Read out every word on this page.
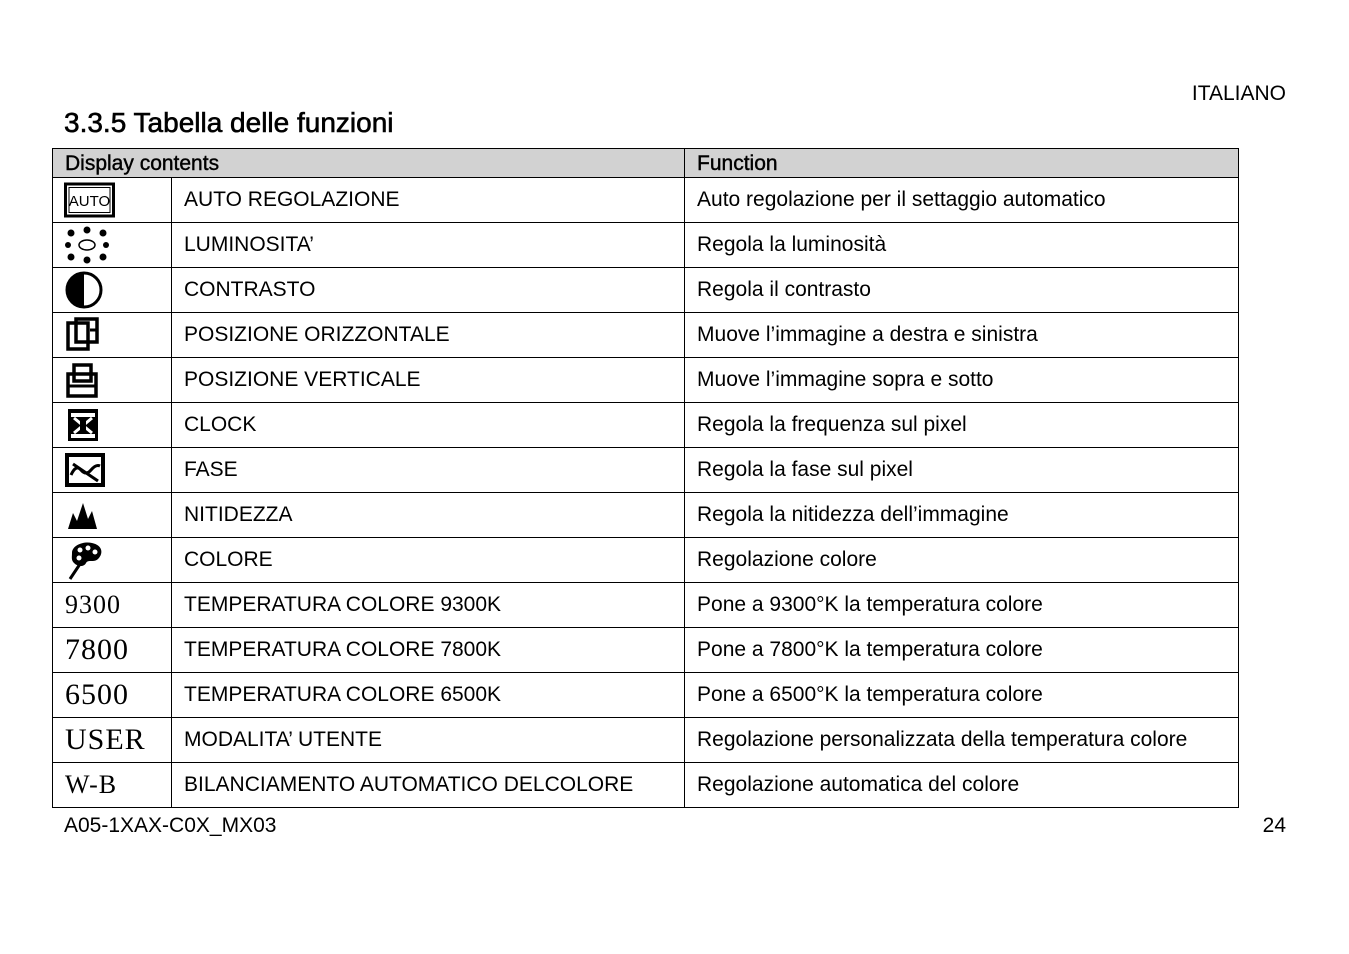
ITALIANO
3.3.5 Tabella delle funzioni
Display contents		Function

AUTO	AUTO REGOLAZIONE	Auto regolazione per il settaggio automatico

	LUMINOSITA’	Regola la luminosità

	CONTRASTO	Regola il contrasto

	POSIZIONE ORIZZONTALE	Muove l’immagine a destra e sinistra

	POSIZIONE VERTICALE	Muove l’immagine sopra e sotto

	CLOCK	Regola la frequenza sul pixel

	FASE	Regola la fase sul pixel

	NITIDEZZA	Regola la nitidezza dell’immagine

	COLORE	Regolazione colore
9300	TEMPERATURA COLORE 9300K	Pone a 9300°K la temperatura colore
7800	TEMPERATURA COLORE 7800K	Pone a 7800°K la temperatura colore
6500	TEMPERATURA COLORE 6500K	Pone a 6500°K la temperatura colore
USER	MODALITA’ UTENTE	Regolazione personalizzata della temperatura colore
W-B	BILANCIAMENTO AUTOMATICO DELCOLORE	Regolazione automatica del colore
A05-1XAX-C0X_MX03	24
